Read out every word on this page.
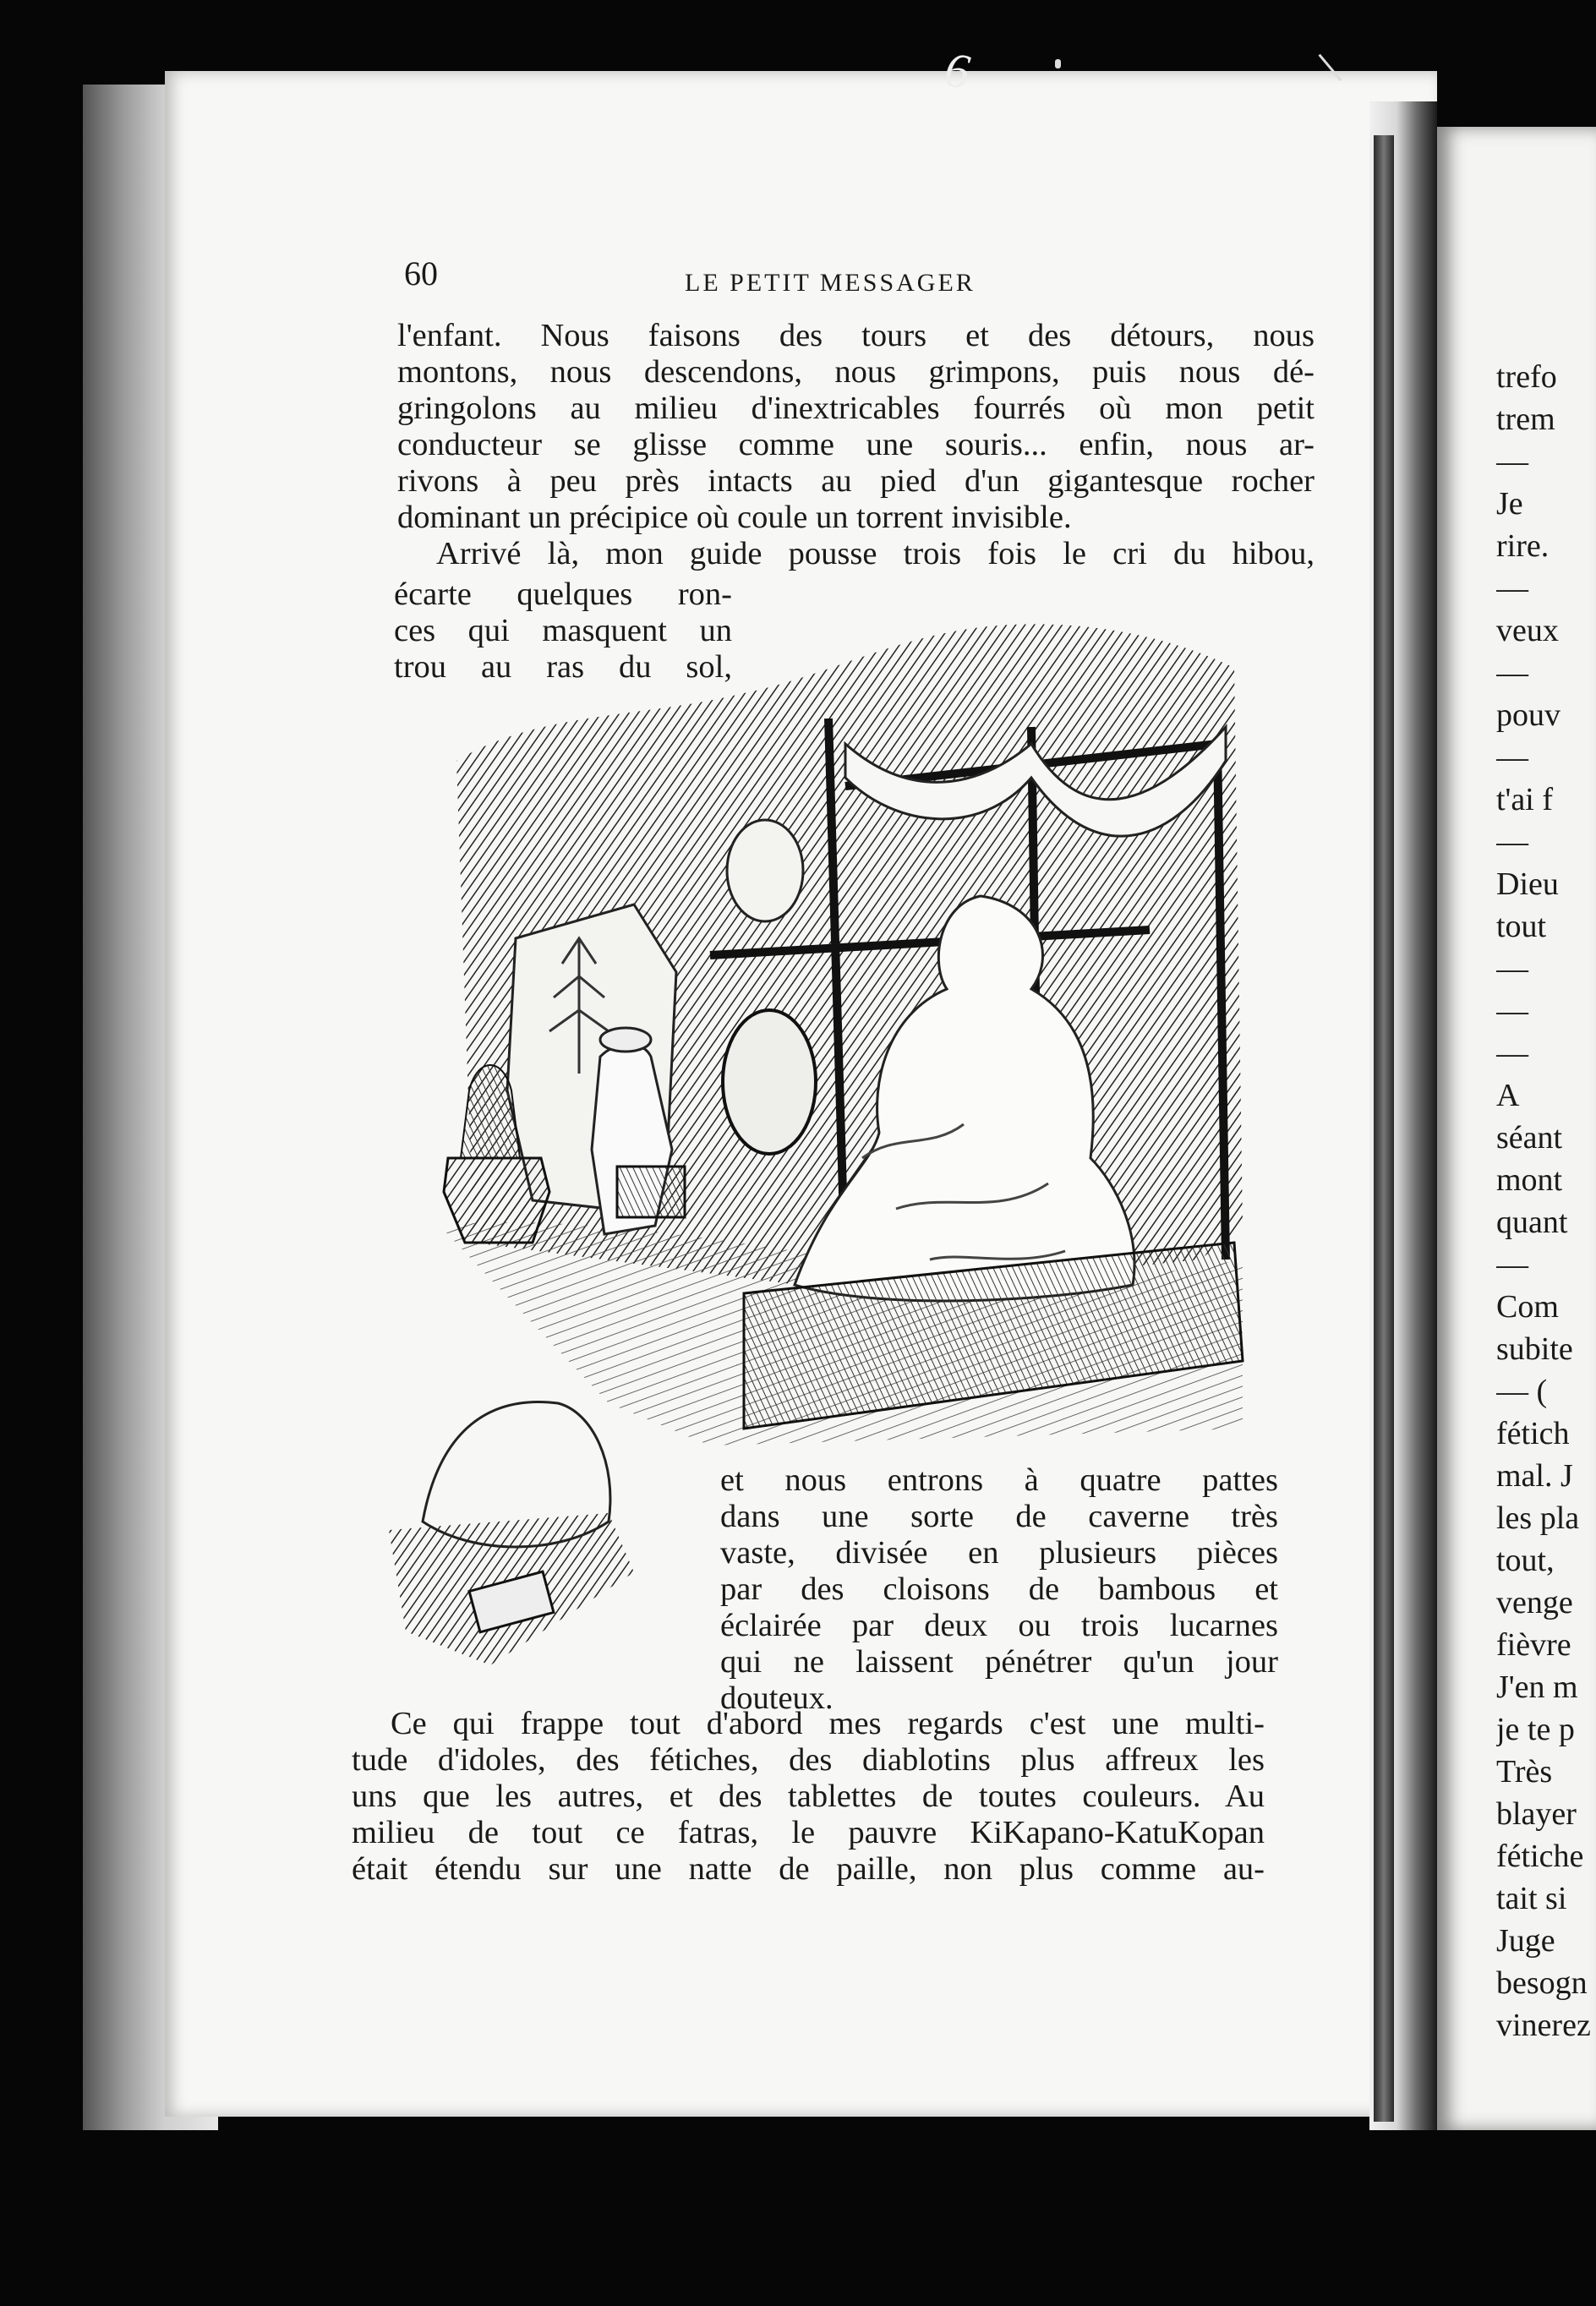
6
60	LE PETIT MESSAGER
l'enfant. Nous faisons des tours et des détours, nous
montons, nous descendons, nous grimpons, puis nous dé-
gringolons au milieu d'inextricables fourrés où mon petit
conducteur se glisse comme une souris... enfin, nous ar-
rivons à peu près intacts au pied d'un gigantesque rocher
dominant un précipice où coule un torrent invisible.
Arrivé là, mon guide pousse trois fois le cri du hibou,
écarte quelques ron-
ces qui masquent un
trou au ras du sol,
et nous entrons à quatre pattes
dans une sorte de caverne très
vaste, divisée en plusieurs pièces
par des cloisons de bambous et
éclairée par deux ou trois lucarnes
qui ne laissent pénétrer qu'un jour
douteux.
Ce qui frappe tout d'abord mes regards c'est une multi-
tude d'idoles, des fétiches, des diablotins plus affreux les
uns que les autres, et des tablettes de toutes couleurs. Au
milieu de tout ce fatras, le pauvre KiKapano-KatuKopan
était étendu sur une natte de paille, non plus comme au-
trefo
trem
—
Je
rire.
—
veux
—
pouv
—
t'ai f
—
Dieu
tout
—
—
—
A
séant
mont
quant
—
Com
subite
— (
fétich
mal. J
les pla
tout,
venge
fièvre
J'en m
je te p
Très
blayer
fétiche
tait si
Juge
besogn
vinerez
